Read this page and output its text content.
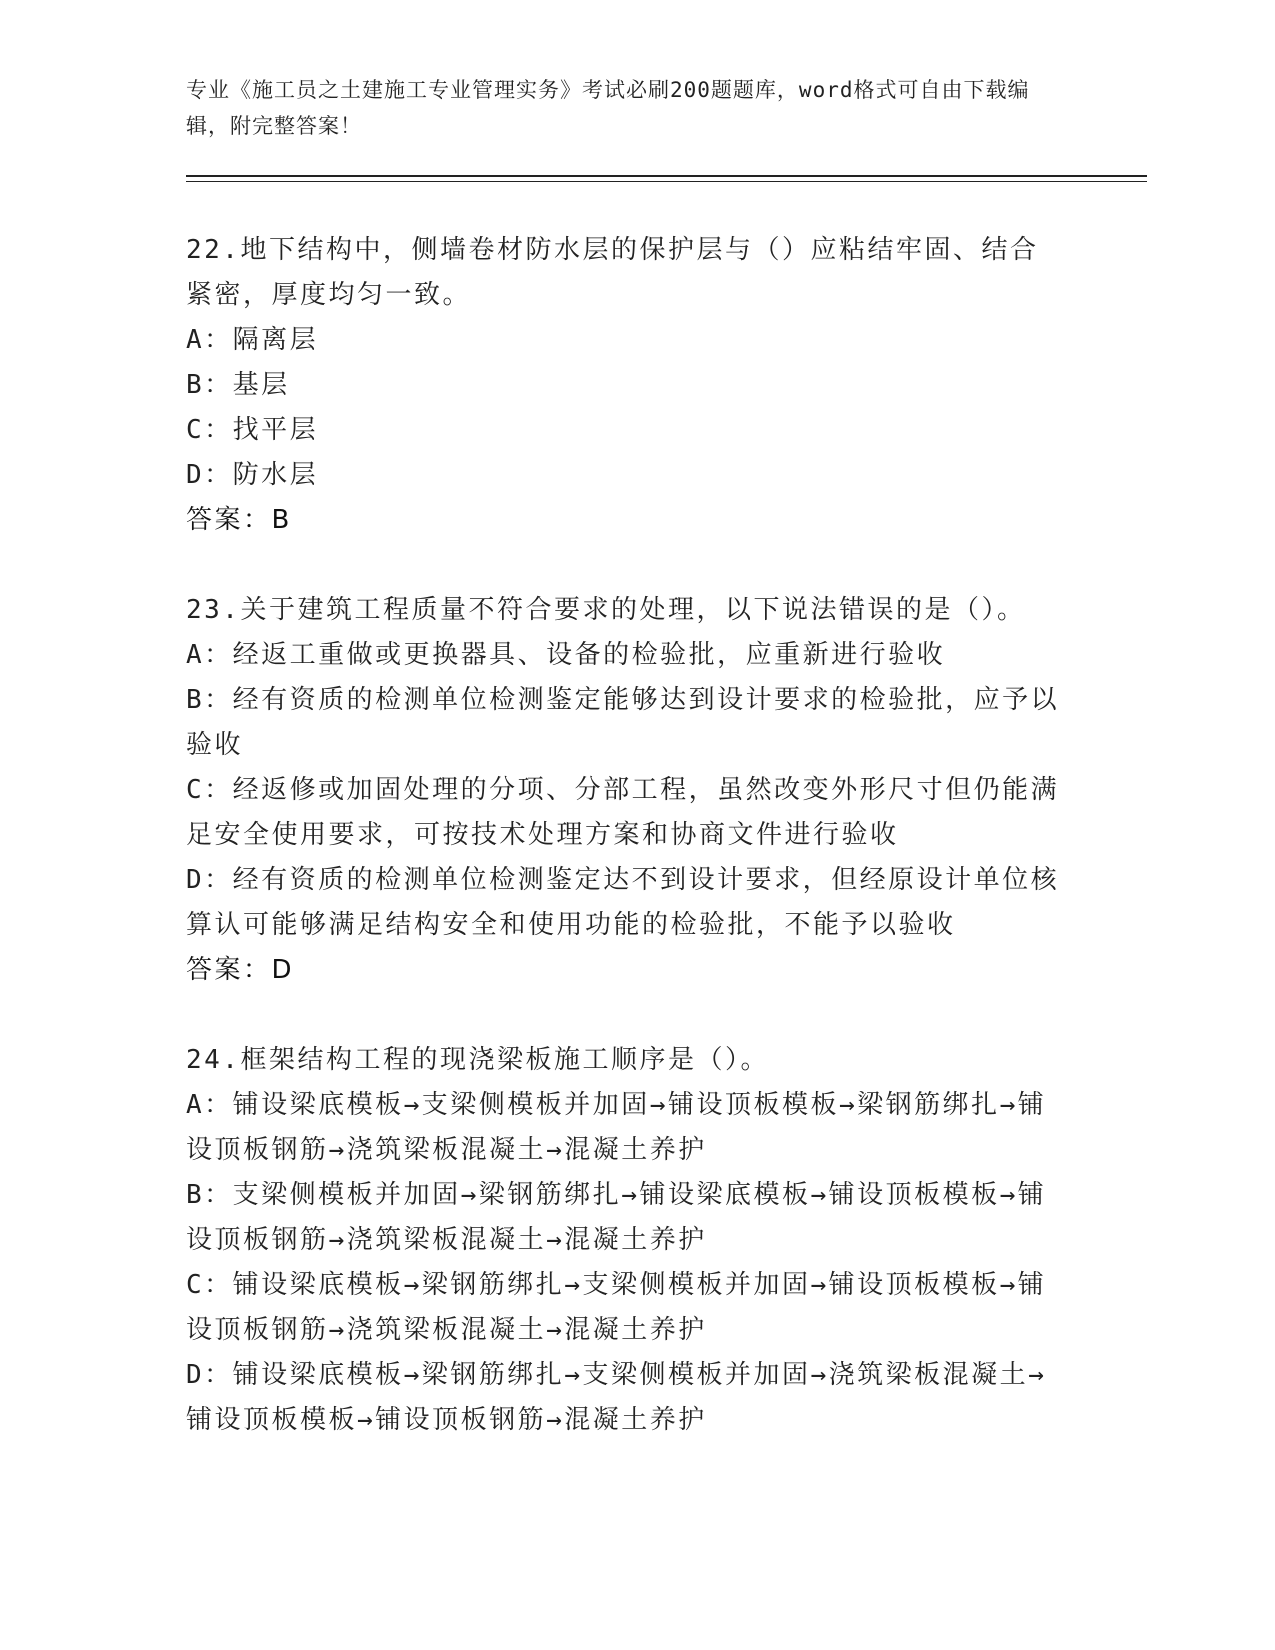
专业《施工员之土建施工专业管理实务》考试必刷200题题库，word格式可自由下载编辑，附完整答案！

22.地下结构中，侧墙卷材防水层的保护层与（）应粘结牢固、结合紧密，厚度均匀一致。

A：隔离层

B：基层

C：找平层

D：防水层

答案：B

23.关于建筑工程质量不符合要求的处理，以下说法错误的是（）。

A：经返工重做或更换器具、设备的检验批，应重新进行验收

B：经有资质的检测单位检测鉴定能够达到设计要求的检验批，应予以验收

C：经返修或加固处理的分项、分部工程，虽然改变外形尺寸但仍能满足安全使用要求，可按技术处理方案和协商文件进行验收

D：经有资质的检测单位检测鉴定达不到设计要求，但经原设计单位核算认可能够满足结构安全和使用功能的检验批，不能予以验收

答案：D

24.框架结构工程的现浇梁板施工顺序是（）。

A：铺设梁底模板→支梁侧模板并加固→铺设顶板模板→梁钢筋绑扎→铺设顶板钢筋→浇筑梁板混凝土→混凝土养护

B：支梁侧模板并加固→梁钢筋绑扎→铺设梁底模板→铺设顶板模板→铺设顶板钢筋→浇筑梁板混凝土→混凝土养护

C：铺设梁底模板→梁钢筋绑扎→支梁侧模板并加固→铺设顶板模板→铺设顶板钢筋→浇筑梁板混凝土→混凝土养护

D：铺设梁底模板→梁钢筋绑扎→支梁侧模板并加固→浇筑梁板混凝土→铺设顶板模板→铺设顶板钢筋→混凝土养护
